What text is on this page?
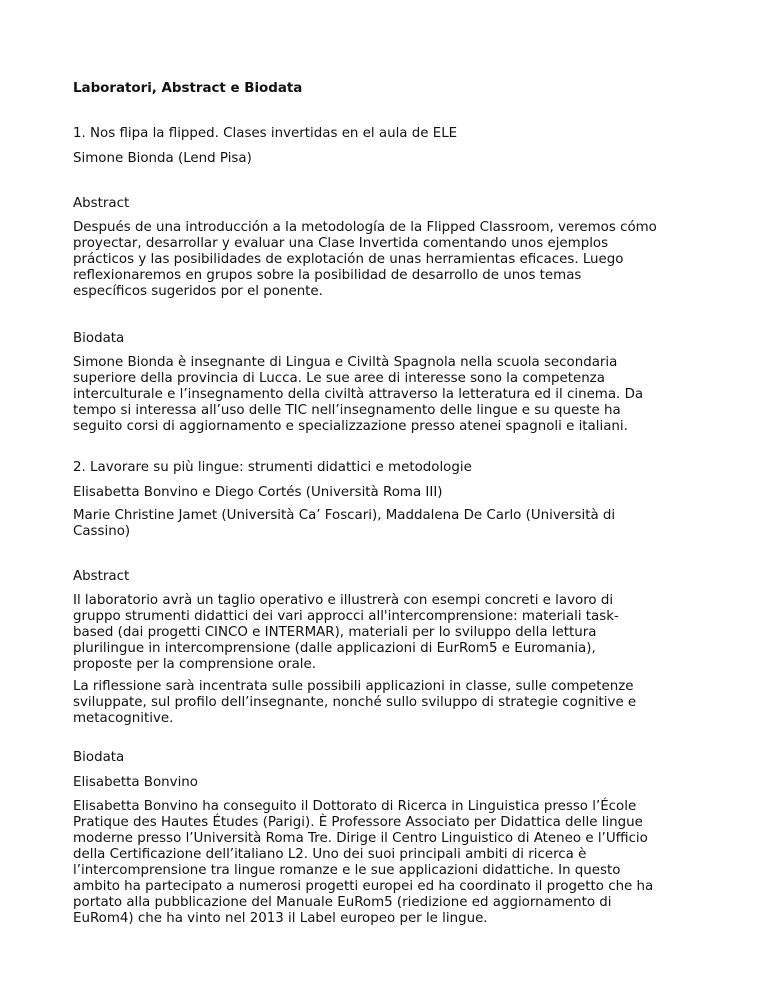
Laboratori, Abstract e Biodata

1. Nos flipa la flipped. Clases invertidas en el aula de ELE

Simone Bionda (Lend Pisa)

Abstract

Después de una introducción a la metodología de la Flipped Classroom, veremos cómo
proyectar, desarrollar y evaluar una Clase Invertida comentando unos ejemplos
prácticos y las posibilidades de explotación de unas herramientas eficaces. Luego
reflexionaremos en grupos sobre la posibilidad de desarrollo de unos temas
específicos sugeridos por el ponente.

Biodata

Simone Bionda è insegnante di Lingua e Civiltà Spagnola nella scuola secondaria
superiore della provincia di Lucca. Le sue aree di interesse sono la competenza
interculturale e l’insegnamento della civiltà attraverso la letteratura ed il cinema. Da
tempo si interessa all’uso delle TIC nell’insegnamento delle lingue e su queste ha
seguito corsi di aggiornamento e specializzazione presso atenei spagnoli e italiani.

2. Lavorare su più lingue: strumenti didattici e metodologie

Elisabetta Bonvino e Diego Cortés (Università Roma III)

Marie Christine Jamet (Università Ca’ Foscari), Maddalena De Carlo (Università di
Cassino)

Abstract

Il laboratorio avrà un taglio operativo e illustrerà con esempi concreti e lavoro di
gruppo strumenti didattici dei vari approcci all'intercomprensione: materiali task-
based (dai progetti CINCO e INTERMAR), materiali per lo sviluppo della lettura
plurilingue in intercomprensione (dalle applicazioni di EurRom5 e Euromania),
proposte per la comprensione orale.
La riflessione sarà incentrata sulle possibili applicazioni in classe, sulle competenze
sviluppate, sul profilo dell’insegnante, nonché sullo sviluppo di strategie cognitive e
metacognitive.

Biodata

Elisabetta Bonvino

Elisabetta Bonvino ha conseguito il Dottorato di Ricerca in Linguistica presso l’École
Pratique des Hautes Études (Parigi). È Professore Associato per Didattica delle lingue
moderne presso l’Università Roma Tre. Dirige il Centro Linguistico di Ateneo e l’Ufficio
della Certificazione dell’italiano L2. Uno dei suoi principali ambiti di ricerca è
l’intercomprensione tra lingue romanze e le sue applicazioni didattiche. In questo
ambito ha partecipato a numerosi progetti europei ed ha coordinato il progetto che ha
portato alla pubblicazione del Manuale EuRom5 (riedizione ed aggiornamento di
EuRom4) che ha vinto nel 2013 il Label europeo per le lingue.
